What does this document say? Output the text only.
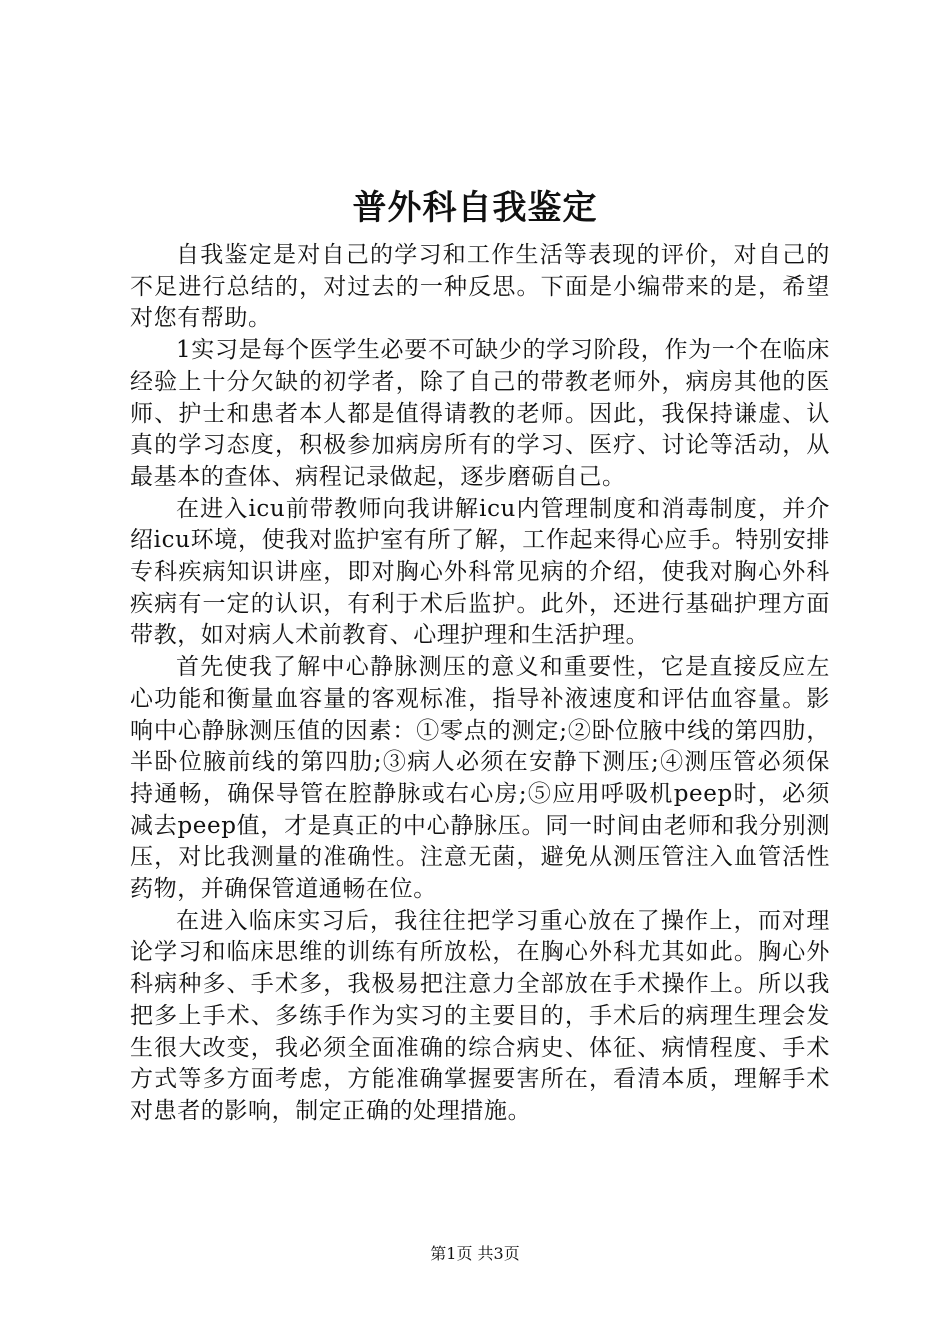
普外科自我鉴定

自我鉴定是对自己的学习和工作生活等表现的评价，对自己的不足进行总结的，对过去的一种反思。下面是小编带来的是，希望对您有帮助。

1实习是每个医学生必要不可缺少的学习阶段，作为一个在临床经验上十分欠缺的初学者，除了自己的带教老师外，病房其他的医师、护士和患者本人都是值得请教的老师。因此，我保持谦虚、认真的学习态度，积极参加病房所有的学习、医疗、讨论等活动，从最基本的查体、病程记录做起，逐步磨砺自己。

在进入icu前带教师向我讲解icu内管理制度和消毒制度，并介绍icu环境，使我对监护室有所了解，工作起来得心应手。特别安排专科疾病知识讲座，即对胸心外科常见病的介绍，使我对胸心外科疾病有一定的认识，有利于术后监护。此外，还进行基础护理方面带教，如对病人术前教育、心理护理和生活护理。

首先使我了解中心静脉测压的意义和重要性，它是直接反应左心功能和衡量血容量的客观标准，指导补液速度和评估血容量。影响中心静脉测压值的因素：①零点的测定;②卧位腋中线的第四肋，半卧位腋前线的第四肋;③病人必须在安静下测压;④测压管必须保持通畅，确保导管在腔静脉或右心房;⑤应用呼吸机peep时，必须减去peep值，才是真正的中心静脉压。同一时间由老师和我分别测压，对比我测量的准确性。注意无菌，避免从测压管注入血管活性药物，并确保管道通畅在位。

在进入临床实习后，我往往把学习重心放在了操作上，而对理论学习和临床思维的训练有所放松，在胸心外科尤其如此。胸心外科病种多、手术多，我极易把注意力全部放在手术操作上。所以我把多上手术、多练手作为实习的主要目的，手术后的病理生理会发生很大改变，我必须全面准确的综合病史、体征、病情程度、手术方式等多方面考虑，方能准确掌握要害所在，看清本质，理解手术对患者的影响，制定正确的处理措施。

第1页 共3页
